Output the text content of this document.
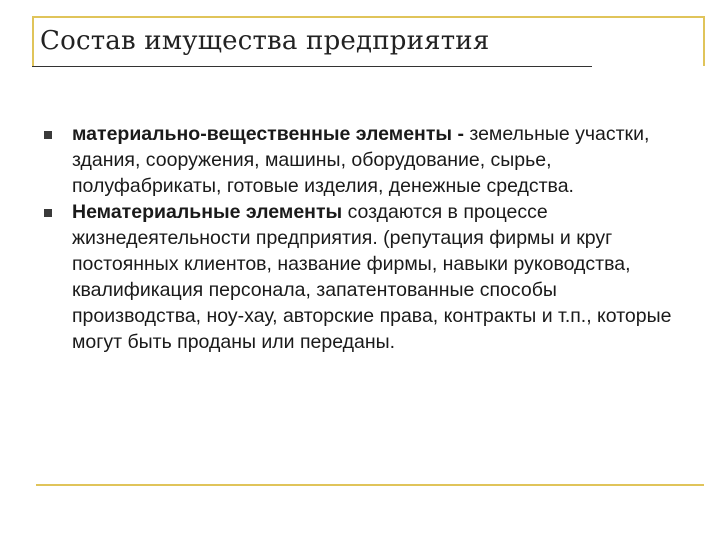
Состав имущества предприятия

материально-вещественные элементы - земельные участки, здания, сооружения, машины, оборудование, сырье, полуфабрикаты, готовые изделия, денежные средства.

Нематериальные элементы создаются в процессе жизнедеятельности предприятия. (репутация фирмы и круг постоянных клиентов, название фирмы, навыки руководства, квалификация персонала, запатентованные способы производства, ноу-хау, авторские права, контракты и т.п., которые могут быть проданы или переданы.
